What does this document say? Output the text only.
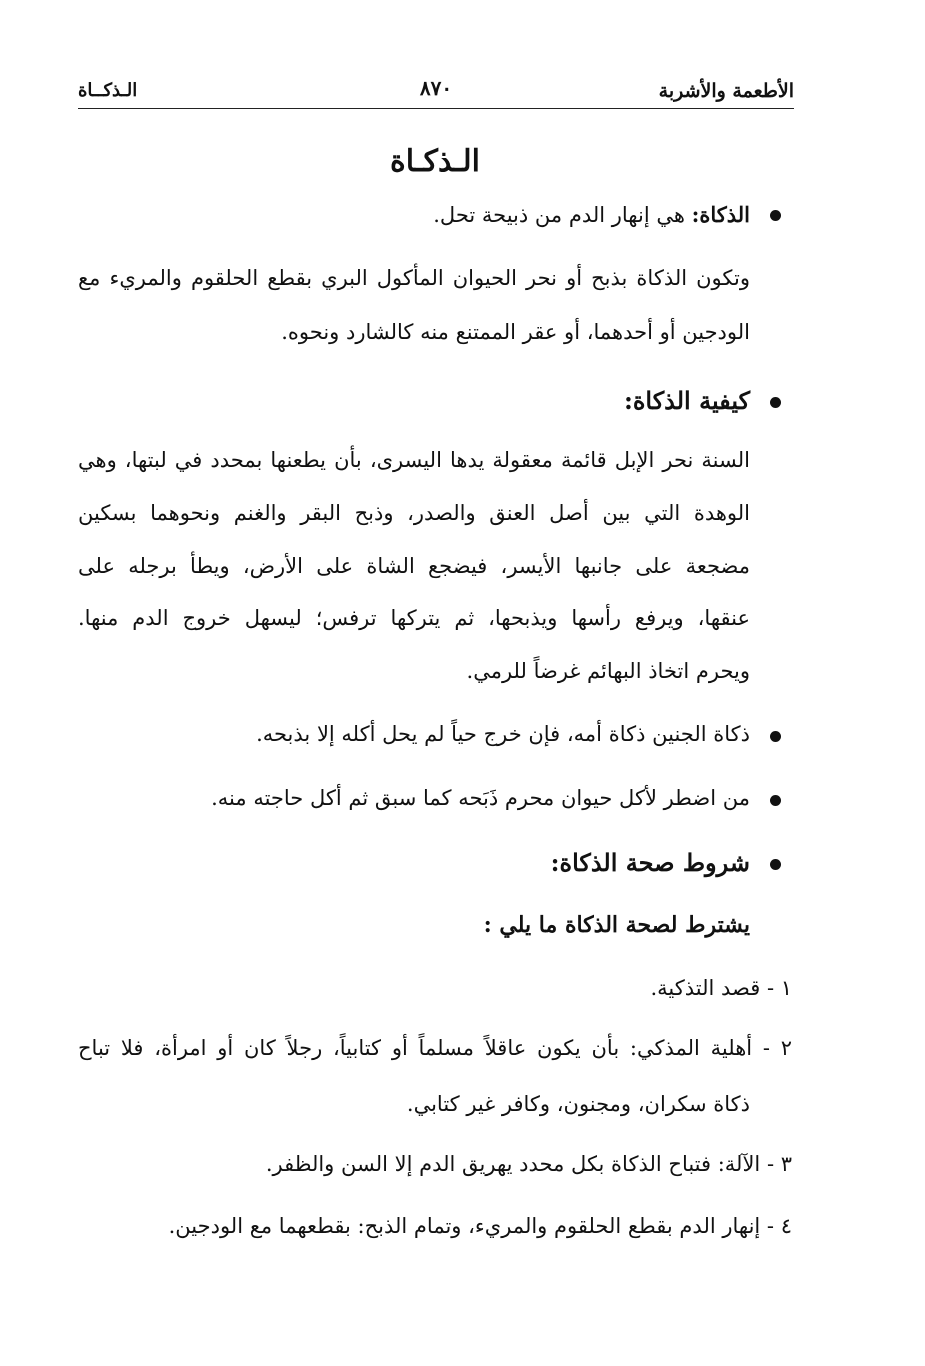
الأطعمة والأشربة
٨٧٠
الـذكــاة
الـذكـاة
الذكاة: هي إنهار الدم من ذبيحة تحل.
وتكون الذكاة بذبح أو نحر الحيوان المأكول البري بقطع الحلقوم والمريء مع
الودجين أو أحدهما، أو عقر الممتنع منه كالشارد ونحوه.
كيفية الذكاة:
السنة نحر الإبل قائمة معقولة يدها اليسرى، بأن يطعنها بمحدد في لبتها، وهي
الوهدة التي بين أصل العنق والصدر، وذبح البقر والغنم ونحوهما بسكين
مضجعة على جانبها الأيسر، فيضجع الشاة على الأرض، ويطأ برجله على
عنقها، ويرفع رأسها ويذبحها، ثم يتركها ترفس؛ ليسهل خروج الدم منها.
ويحرم اتخاذ البهائم غرضاً للرمي.
ذكاة الجنين ذكاة أمه، فإن خرج حياً لم يحل أكله إلا بذبحه.
من اضطر لأكل حيوان محرم ذَبَحه كما سبق ثم أكل حاجته منه.
شروط صحة الذكاة:
يشترط لصحة الذكاة ما يلي :
١ - قصد التذكية.
٢ - أهلية المذكي: بأن يكون عاقلاً مسلماً أو كتابياً، رجلاً كان أو امرأة، فلا تباح
ذكاة سكران، ومجنون، وكافر غير كتابي.
٣ - الآلة: فتباح الذكاة بكل محدد يهريق الدم إلا السن والظفر.
٤ - إنهار الدم بقطع الحلقوم والمريء، وتمام الذبح: بقطعهما مع الودجين.
